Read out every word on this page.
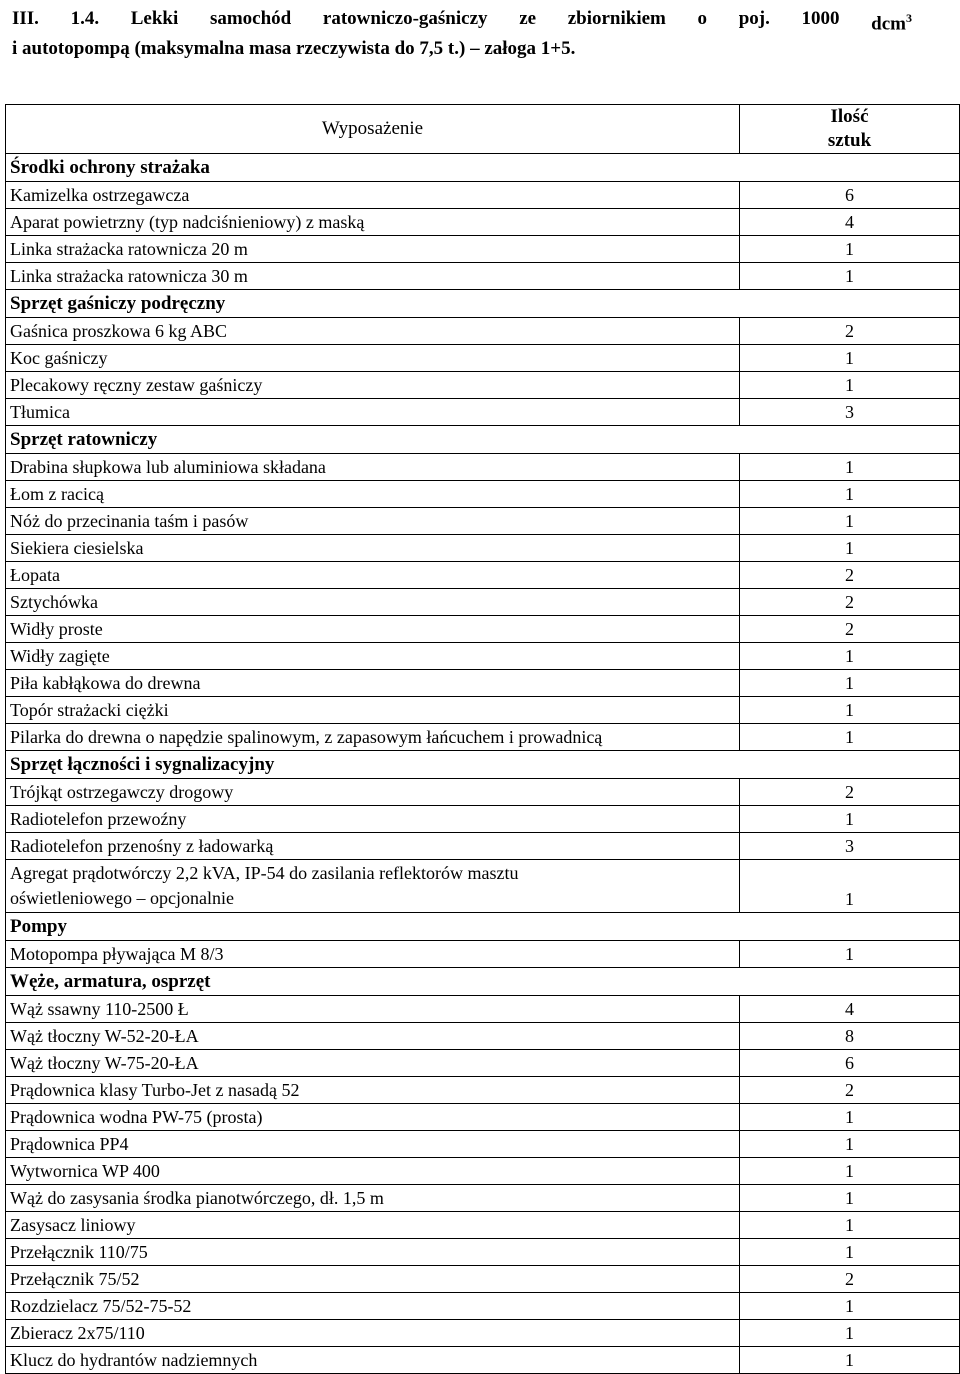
III. 1.4. Lekki samochód ratowniczo-gaśniczy ze zbiornikiem o poj. 1000 dcm$^3$
i autotopompą (maksymalna masa rzeczywista do 7,5 t.) – załoga 1+5.
Wyposażenie	Ilość
sztuk

Środki ochrony strażaka	
Kamizelka ostrzegawcza	6
Aparat powietrzny (typ nadciśnieniowy) z maską	4
Linka strażacka ratownicza 20 m	1
Linka strażacka ratownicza 30 m	1
Sprzęt gaśniczy podręczny	
Gaśnica proszkowa 6 kg ABC	2
Koc gaśniczy	1
Plecakowy ręczny zestaw gaśniczy	1
Tłumica	3
Sprzęt ratowniczy	
Drabina słupkowa lub aluminiowa składana	1
Łom z racicą	1
Nóż do przecinania taśm i pasów	1
Siekiera ciesielska	1
Łopata	2
Sztychówka	2
Widły proste	2
Widły zagięte	1
Piła kabłąkowa do drewna	1
Topór strażacki ciężki	1
Pilarka do drewna o napędzie spalinowym, z zapasowym łańcuchem i prowadnicą	1
Sprzęt łączności i sygnalizacyjny	
Trójkąt ostrzegawczy drogowy	2
Radiotelefon przewoźny	1
Radiotelefon przenośny z ładowarką	3

Agregat prądotwórczy 2,2 kVA, IP-54 do zasilania reflektorów masztu
oświetleniowego – opcjonalnie	1
Pompy	
Motopompa pływająca M 8/3	1
Węże, armatura, osprzęt	
Wąż ssawny 110-2500 Ł	4
Wąż tłoczny W-52-20-ŁA	8
Wąż tłoczny W-75-20-ŁA	6
Prądownica klasy Turbo-Jet z nasadą 52	2
Prądownica wodna PW-75 (prosta)	1
Prądownica PP4	1
Wytwornica WP 400	1
Wąż do zasysania środka pianotwórczego, dł. 1,5 m	1
Zasysacz liniowy	1
Przełącznik 110/75	1
Przełącznik 75/52	2
Rozdzielacz 75/52-75-52	1
Zbieracz 2x75/110	1
Klucz do hydrantów nadziemnych	1
